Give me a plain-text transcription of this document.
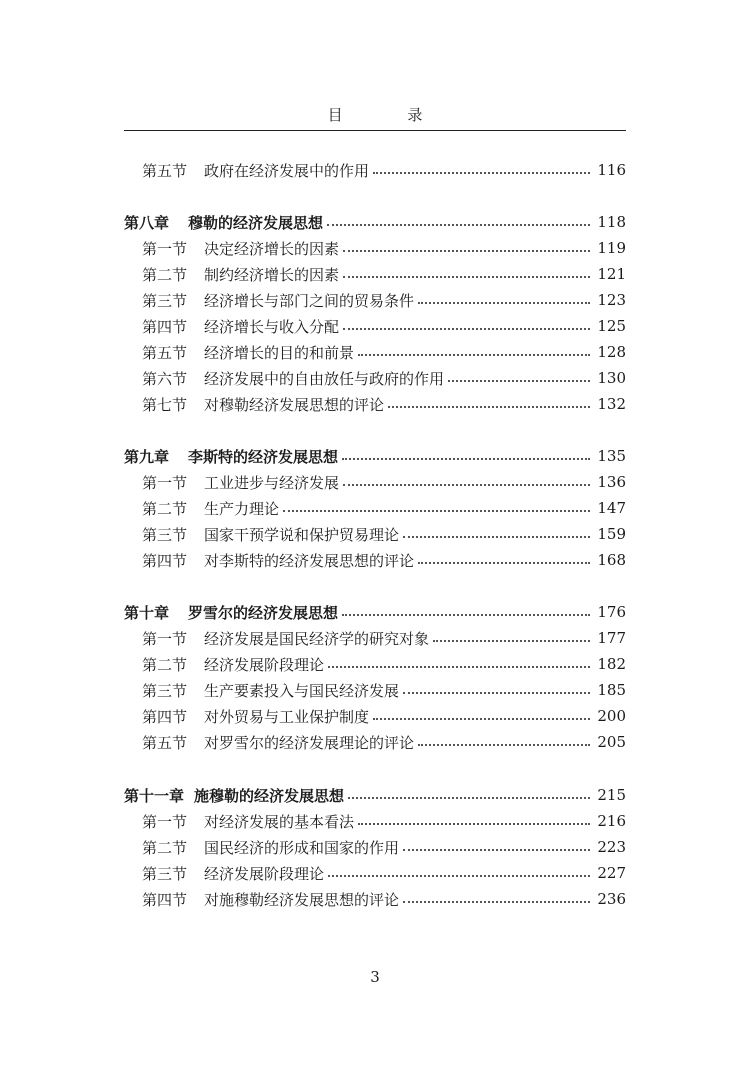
目 录
第五节	政府在经济发展中的作用	116
第八章	穆勒的经济发展思想	118
第一节	决定经济增长的因素	119
第二节	制约经济增长的因素	121
第三节	经济增长与部门之间的贸易条件	123
第四节	经济增长与收入分配	125
第五节	经济增长的目的和前景	128
第六节	经济发展中的自由放任与政府的作用	130
第七节	对穆勒经济发展思想的评论	132
第九章	李斯特的经济发展思想	135
第一节	工业进步与经济发展	136
第二节	生产力理论	147
第三节	国家干预学说和保护贸易理论	159
第四节	对李斯特的经济发展思想的评论	168
第十章	罗雪尔的经济发展思想	176
第一节	经济发展是国民经济学的研究对象	177
第二节	经济发展阶段理论	182
第三节	生产要素投入与国民经济发展	185
第四节	对外贸易与工业保护制度	200
第五节	对罗雪尔的经济发展理论的评论	205
第十一章 施穆勒的经济发展思想	215
第一节	对经济发展的基本看法	216
第二节	国民经济的形成和国家的作用	223
第三节	经济发展阶段理论	227
第四节	对施穆勒经济发展思想的评论	236
3
